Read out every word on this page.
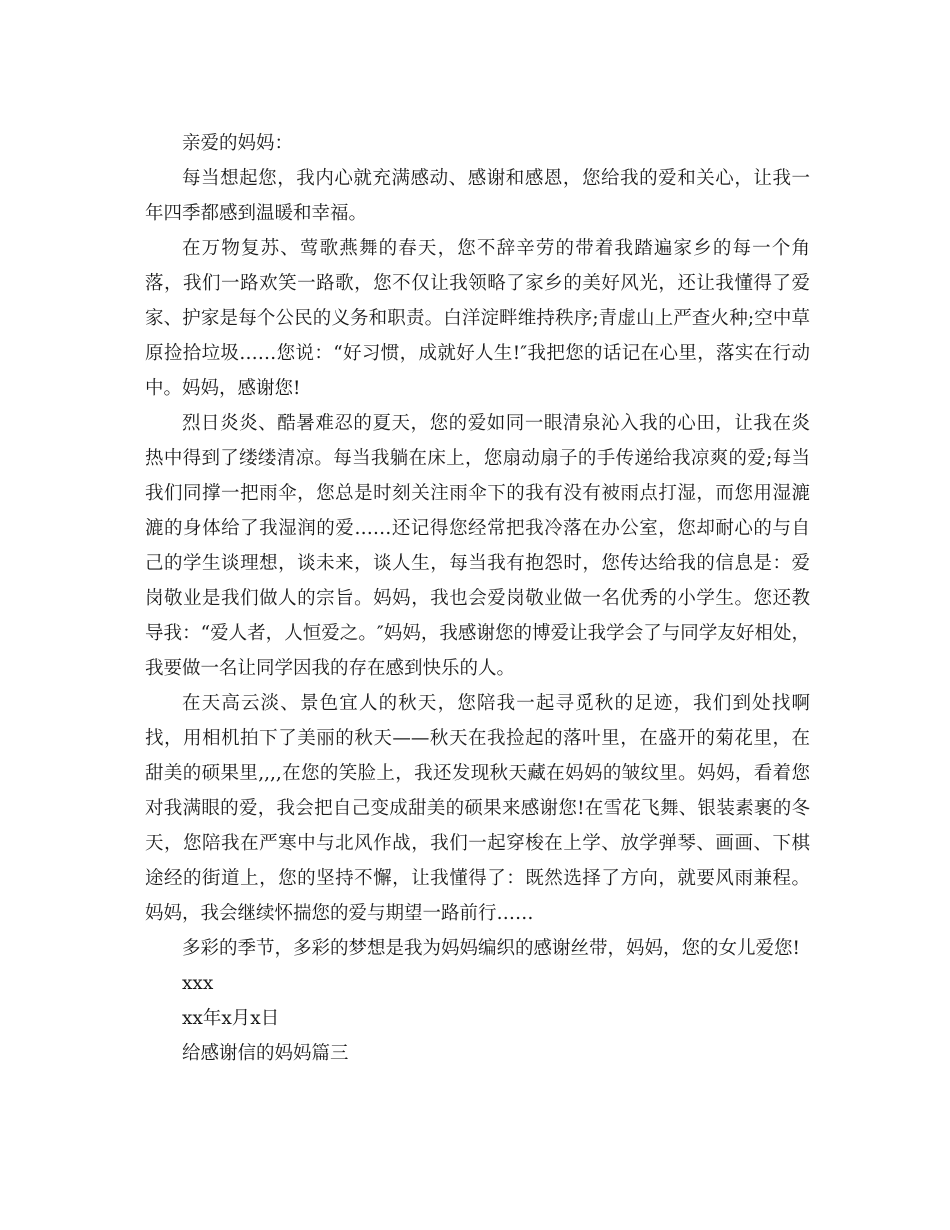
亲爱的妈妈：

每当想起您，我内心就充满感动、感谢和感恩，您给我的爱和关心，让我一年四季都感到温暖和幸福。

在万物复苏、莺歌燕舞的春天，您不辞辛劳的带着我踏遍家乡的每一个角落，我们一路欢笑一路歌，您不仅让我领略了家乡的美好风光，还让我懂得了爱家、护家是每个公民的义务和职责。白洋淀畔维持秩序;青虚山上严查火种;空中草原捡拾垃圾……您说：“好习惯，成就好人生!″我把您的话记在心里，落实在行动中。妈妈，感谢您!

烈日炎炎、酷暑难忍的夏天，您的爱如同一眼清泉沁入我的心田，让我在炎热中得到了缕缕清凉。每当我躺在床上，您扇动扇子的手传递给我凉爽的爱;每当我们同撑一把雨伞，您总是时刻关注雨伞下的我有没有被雨点打湿，而您用湿漉漉的身体给了我湿润的爱……还记得您经常把我冷落在办公室，您却耐心的与自己的学生谈理想，谈未来，谈人生，每当我有抱怨时，您传达给我的信息是：爱岗敬业是我们做人的宗旨。妈妈，我也会爱岗敬业做一名优秀的小学生。您还教导我：“爱人者，人恒爱之。″妈妈，我感谢您的博爱让我学会了与同学友好相处，我要做一名让同学因我的存在感到快乐的人。

在天高云淡、景色宜人的秋天，您陪我一起寻觅秋的足迹，我们到处找啊找，用相机拍下了美丽的秋天——秋天在我捡起的落叶里，在盛开的菊花里，在甜美的硕果里,,,,在您的笑脸上，我还发现秋天藏在妈妈的皱纹里。妈妈，看着您对我满眼的爱，我会把自己变成甜美的硕果来感谢您!在雪花飞舞、银装素裹的冬天，您陪我在严寒中与北风作战，我们一起穿梭在上学、放学弹琴、画画、下棋途经的街道上，您的坚持不懈，让我懂得了：既然选择了方向，就要风雨兼程。妈妈，我会继续怀揣您的爱与期望一路前行……

多彩的季节，多彩的梦想是我为妈妈编织的感谢丝带，妈妈，您的女儿爱您!

xxx

xx年x月x日

给感谢信的妈妈篇三
